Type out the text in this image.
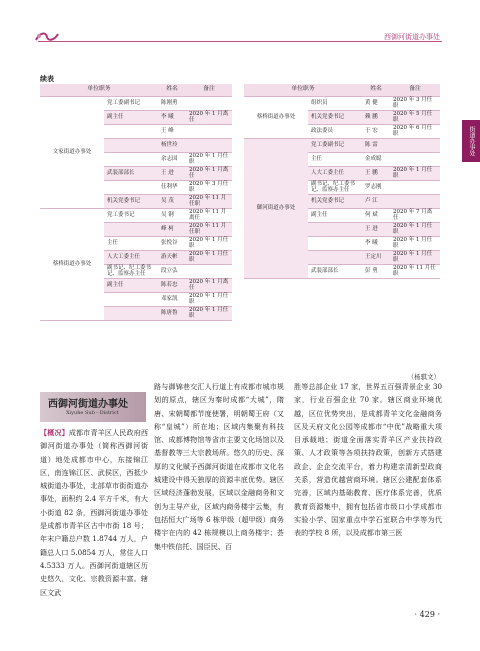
西御河街道办事处
街道办事处
续表
单位职务		姓名	备注
文家街道办事处	党工委副书记	陈刚勇	
	副主任	李 曦	2020 年 1 月离任
		王 峰	
		杨世玲	
		余志国	2020 年 1 月任职
	武装部部长	王 进	2020 年 1 月离任
		任利华	2020 年 3 月任职
	机关党委书记	吴 茂	2020 年 11 月任职
蔡桥街道办事处	党工委书记	吴 钢	2020 年 11 月离任
		峰 柯	2020 年 11 月任职
	主任	张悦谷	2020 年 1 月任职
	人大工委主任	游天彬	2020 年 1 月任职
	副书记、纪工委书记、监察办主任	段立弘	
	副主任	陈若忠	2020 年 1 月离任
		邓家凯	2020 年 1 月任职
		陈唐鲁	2020 年 1 月任职
单位职务		姓名	备注
蔡桥街道办事处	组织员	黄 健	2020 年 3 月任职
	机关党委书记	赖 鹏	2020 年 5 月任职
	政法委员	于 宏	2020 年 6 月任职
御河街道办事处	党工委副书记	陈 雷	
	主任	金成聪	
	人大工委主任	王 鹏	2020 年 1 月任职
	副书记、纪工委书记、监察办主任	罗志刚	
	机关党委书记	卢 江	
	副主任	何 斌	2020 年 7 月离任
		王 进	2020 年 1 月任职
		李 曦	2020 年 1 月任职
		王定川	2020 年 1 月任职
	武装部部长	彭 勇	2020 年 11 月任职
（杨骐文）
西御河街道办事处
Xiyuhe Sub - District
【概况】成都市青羊区人民政府西御河街道办事处（简称西御河街道）地处成都市中心，东接锦江区，南连锦江区、武侯区，西抵少城街道办事处，北部草市街街道办事处，面积约 2.4 平方千米，有大小街道 82 条，西御河街道办事处是成都市青羊区古中市街 18 号；年末户籍总户数 1.8744 万人，户籍总人口 5.0854 万人，常住人口 4.5333 万人。西御河街道辖区历史悠久，文化、宗教资源丰富。辖区文武
路与御锦巷交汇人行道上有成都市城市规划的原点，辖区为秦时成都“大城”，隋唐、宋朝蜀都节度使署，明朝蜀王府（又称“皇城”）所在地；区域内集聚有科技馆、成都博物馆等省市主要文化场馆以及基督教等三大宗教场所。悠久的历史、深厚的文化赋予西御河街道在成都市文化名城建设中得天独厚的资源丰底优势。辖区区域经济蓬勃发展，区域以金融商务和文创为主导产业，区域内商务楼宇云集，有包括恒大广场等 6 栋甲级（超甲级）商务楼宇在内的 42 栋规模以上商务楼宇；荟集中铁信托、国臣民、百
胜等总部企业 17 家，世界五百强青景企业 30 家，行业百强企业 70 家。辖区商业环境优越，区位优势突出，是成都青羊文化金融商务区及天府文化公园等成都市“中优”战略重大项目承载地；街道全面落实青羊区产业扶持政策、人才政策等各项扶持政策，创新方式搭建政企、企企交流平台，着力构建亲清新型政商关系，营造优越营商环境。辖区公建配套体系完善，区域内基础教育、医疗体系完善，优质教育资源集中，拥有包括省市级口小学成都市实验小学、国家重点中学石室联合中学等为代表的学校 8 所，以及成都市第三医
· 429 ·
